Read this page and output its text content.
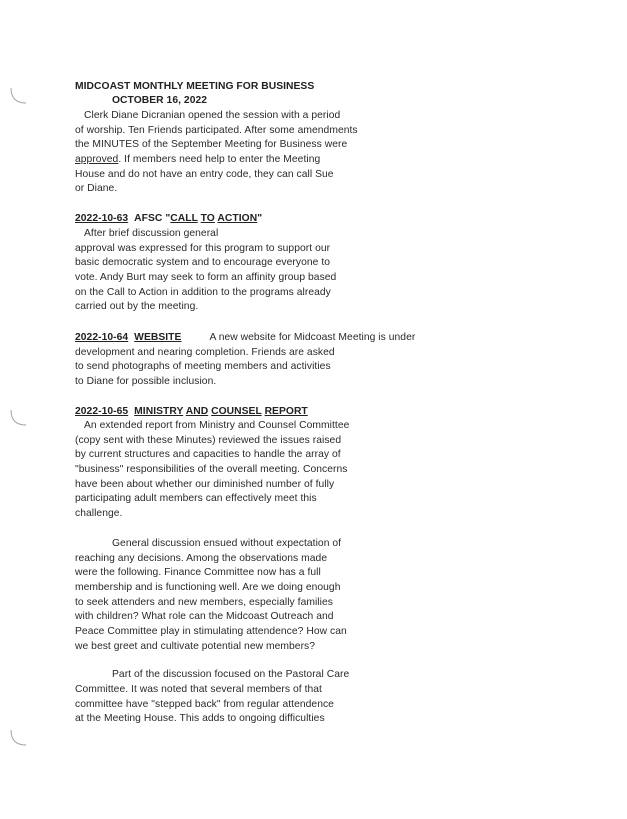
MIDCOAST MONTHLY MEETING FOR BUSINESS
OCTOBER 16, 2022
Clerk Diane Dicranian opened the session with a period
of worship. Ten Friends participated. After some amendments
the MINUTES of the September Meeting for Business were
approved. If members need help to enter the Meeting
House and do not have an entry code, they can call Sue
or Diane.
2022-10-63 AFSC "CALL TO ACTION"
After brief discussion general
approval was expressed for this program to support our
basic democratic system and to encourage everyone to
vote. Andy Burt may seek to form an affinity group based
on the Call to Action in addition to the programs already
carried out by the meeting.
2022-10-64 WEBSITE	A new website for Midcoast Meeting is under
development and nearing completion. Friends are asked
to send photographs of meeting members and activities
to Diane for possible inclusion.
2022-10-65 MINISTRY AND COUNSEL REPORT
An extended report from Ministry and Counsel Committee
(copy sent with these Minutes) reviewed the issues raised
by current structures and capacities to handle the array of
"business" responsibilities of the overall meeting. Concerns
have been about whether our diminished number of fully
participating adult members can effectively meet this
challenge.
General discussion ensued without expectation of
reaching any decisions. Among the observations made
were the following. Finance Committee now has a full
membership and is functioning well. Are we doing enough
to seek attenders and new members, especially families
with children? What role can the Midcoast Outreach and
Peace Committee play in stimulating attendence? How can
we best greet and cultivate potential new members?
Part of the discussion focused on the Pastoral Care
Committee. It was noted that several members of that
committee have "stepped back" from regular attendence
at the Meeting House. This adds to ongoing difficulties
